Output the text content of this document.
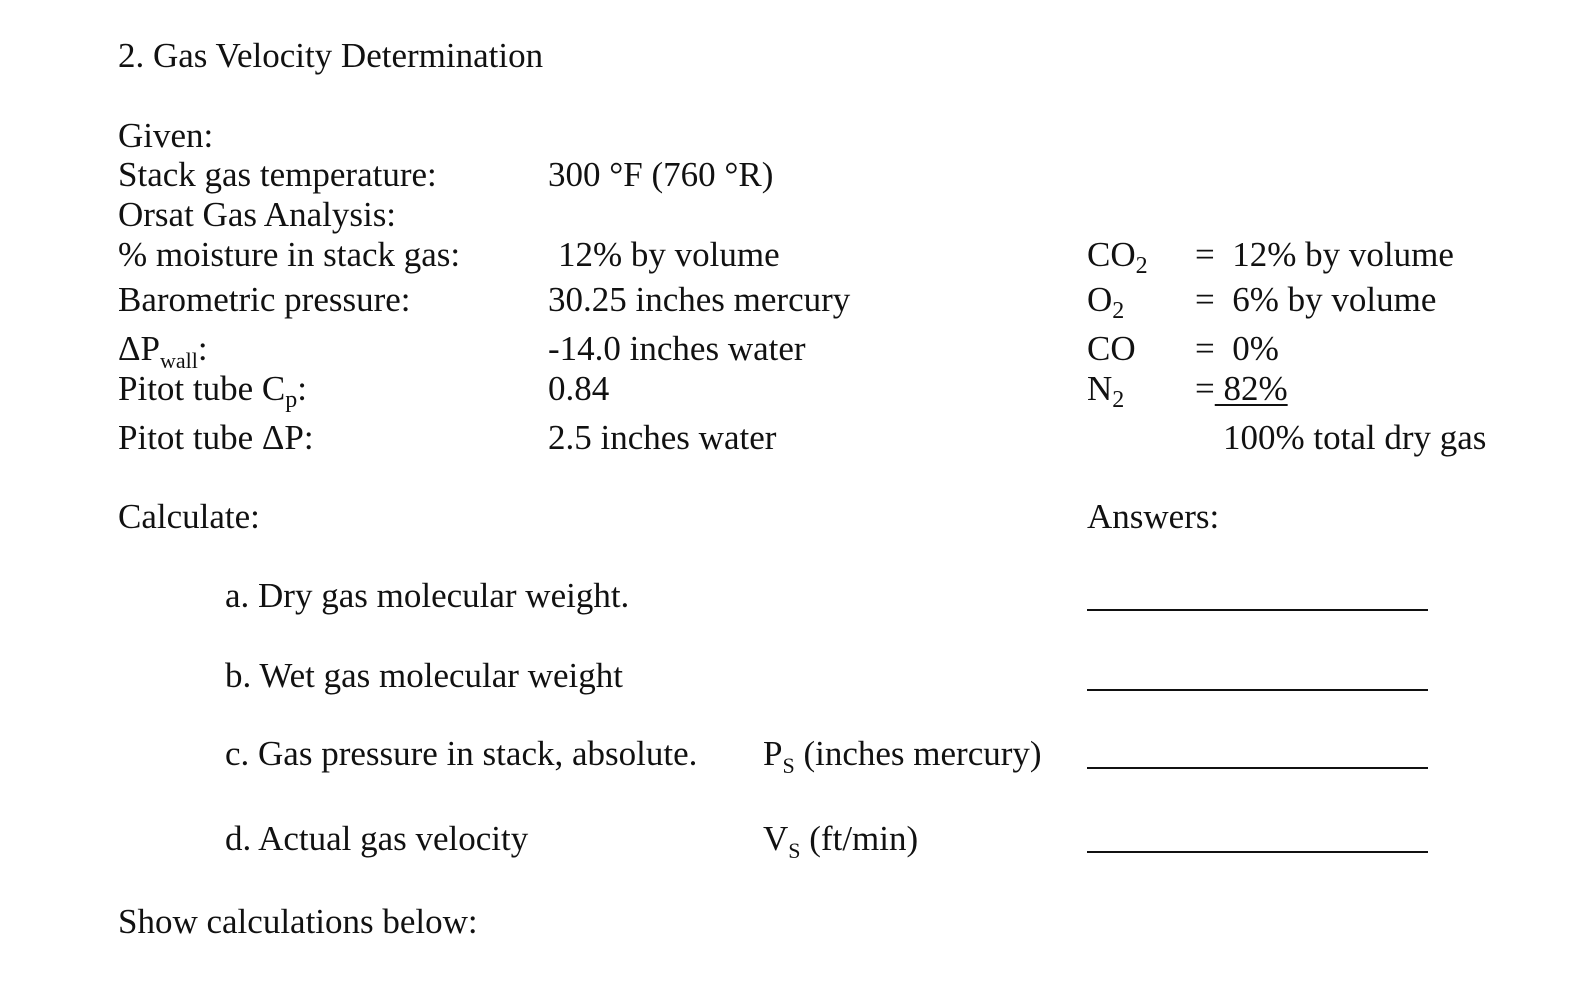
2. Gas Velocity Determination
Given:
Stack gas temperature:	300 °F (760 °R)
Orsat Gas Analysis:
% moisture in stack gas:	12% by volume
Barometric pressure:	30.25 inches mercury
$\Delta P_{wall}$:	-14.0 inches water
Pitot tube $C_p$:	0.84
Pitot tube ΔP:	2.5 inches water
$CO_2 = 12\%$ by volume
$O_2 = 6\%$ by volume
CO =  0%
$N_2 = 82\%$
100% total dry gas
Calculate:	Answers:
a. Dry gas molecular weight.
b. Wet gas molecular weight
c. Gas pressure in stack, absolute. $P_S$ (inches mercury)
d. Actual gas velocity	$V_S$ (ft/min)
Show calculations below:
